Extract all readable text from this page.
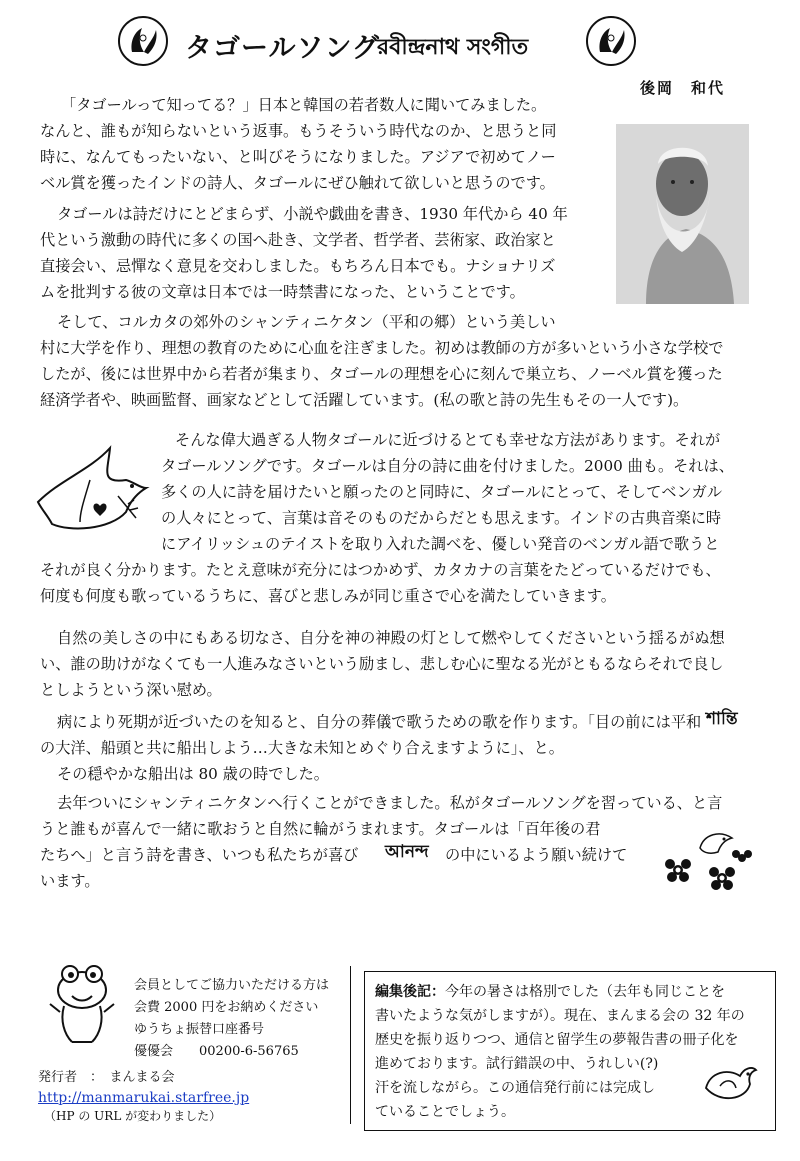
タゴールソング
রবীন্দ্রনাথ সংগীত
後岡　和代
「タゴールって知ってる？」日本と韓国の若者数人に聞いてみました。
なんと、誰もが知らないという返事。もうそういう時代なのか、と思うと同
時に、なんてもったいない、と叫びそうになりました。アジアで初めてノー
ベル賞を獲ったインドの詩人、タゴールにぜひ触れて欲しいと思うのです。
タゴールは詩だけにとどまらず、小説や戯曲を書き、1930 年代から 40 年
代という激動の時代に多くの国へ赴き、文学者、哲学者、芸術家、政治家と
直接会い、忌憚なく意見を交わしました。もちろん日本でも。ナショナリズ
ムを批判する彼の文章は日本では一時禁書になった、ということです。
そして、コルカタの郊外のシャンティニケタン（平和の郷）という美しい
村に大学を作り、理想の教育のために心血を注ぎました。初めは教師の方が多いという小さな学校で
したが、後には世界中から若者が集まり、タゴールの理想を心に刻んで巣立ち、ノーベル賞を獲った
経済学者や、映画監督、画家などとして活躍しています。(私の歌と詩の先生もその一人です)。
そんな偉大過ぎる人物タゴールに近づけるとても幸せな方法があります。それが
タゴールソングです。タゴールは自分の詩に曲を付けました。2000 曲も。それは、
多くの人に詩を届けたいと願ったのと同時に、タゴールにとって、そしてベンガル
の人々にとって、言葉は音そのものだからだとも思えます。インドの古典音楽に時
にアイリッシュのテイストを取り入れた調べを、優しい発音のベンガル語で歌うと
それが良く分かります。たとえ意味が充分にはつかめず、カタカナの言葉をたどっているだけでも、
何度も何度も歌っているうちに、喜びと悲しみが同じ重さで心を満たしていきます。
自然の美しさの中にもある切なさ、自分を神の神殿の灯として燃やしてくださいという揺るがぬ想
い、誰の助けがなくても一人進みなさいという励まし、悲しむ心に聖なる光がともるならそれで良し
としようという深い慰め。
病により死期が近づいたのを知ると、自分の葬儀で歌うための歌を作ります。「目の前には平和 শান্তি
の大洋、船頭と共に船出しよう…大きな未知とめぐり合えますように」、と。
その穏やかな船出は 80 歳の時でした。
去年ついにシャンティニケタンへ行くことができました。私がタゴールソングを習っている、と言
うと誰もが喜んで一緒に歌おうと自然に輪がうまれます。タゴールは「百年後の君
たちへ」と言う詩を書き、いつも私たちが喜び আনন্দ の中にいるよう願い続けて
います。
会員としてご協力いただける方は
会費 2000 円をお納めください
ゆうちょ振替口座番号
優優会　　00200-6-56765
発行者　：　まんまる会
http://manmarukai.starfree.jp
（HP の URL が変わりました）
編集後記：今年の暑さは格別でした（去年も同じことを
書いたような気がしますが）。現在、まんまる会の 32 年の
歴史を振り返りつつ、通信と留学生の夢報告書の冊子化を
進めております。試行錯誤の中、うれしい(?)
汗を流しながら。この通信発行前には完成し
ていることでしょう。
